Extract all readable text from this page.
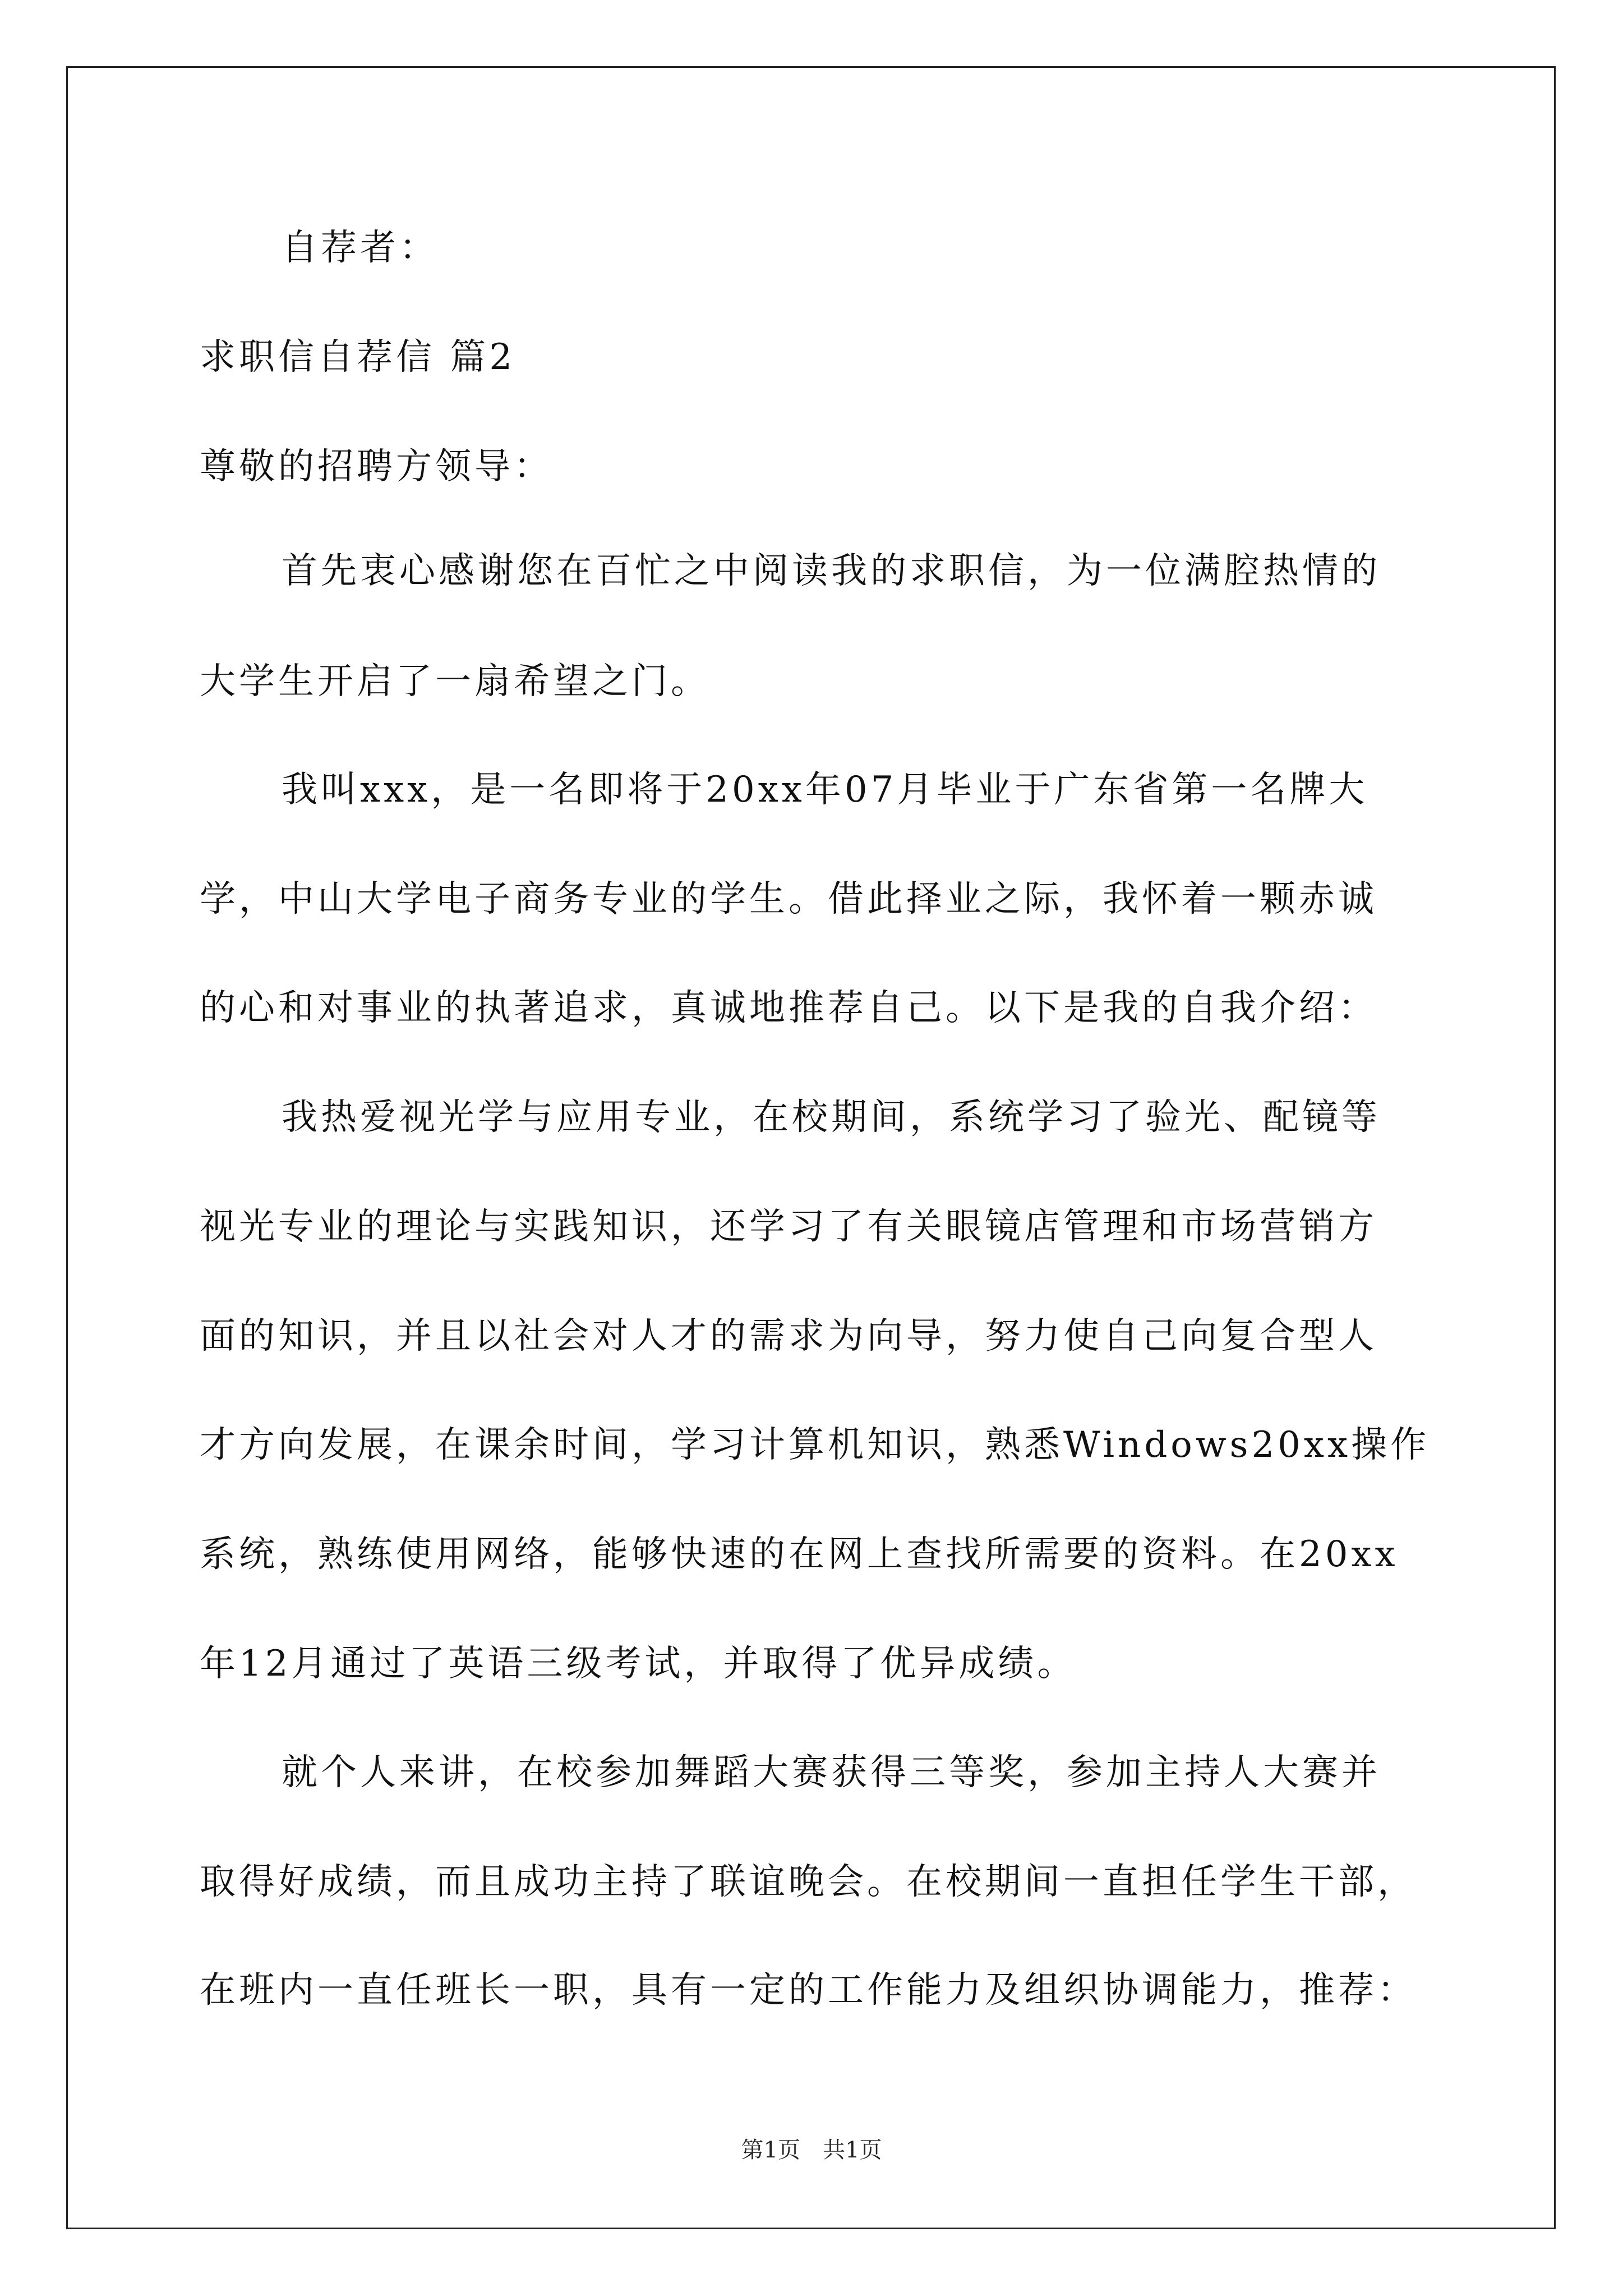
自荐者：
求职信自荐信 篇2
尊敬的招聘方领导：
首先衷心感谢您在百忙之中阅读我的求职信，为一位满腔热情的
大学生开启了一扇希望之门。
我叫xxx，是一名即将于20xx年07月毕业于广东省第一名牌大
学，中山大学电子商务专业的学生。借此择业之际，我怀着一颗赤诚
的心和对事业的执著追求，真诚地推荐自己。以下是我的自我介绍：
我热爱视光学与应用专业，在校期间，系统学习了验光、配镜等
视光专业的理论与实践知识，还学习了有关眼镜店管理和市场营销方
面的知识，并且以社会对人才的需求为向导，努力使自己向复合型人
才方向发展，在课余时间，学习计算机知识，熟悉Windows20xx操作
系统，熟练使用网络，能够快速的在网上查找所需要的资料。在20xx
年12月通过了英语三级考试，并取得了优异成绩。
就个人来讲，在校参加舞蹈大赛获得三等奖，参加主持人大赛并
取得好成绩，而且成功主持了联谊晚会。在校期间一直担任学生干部，
在班内一直任班长一职，具有一定的工作能力及组织协调能力，推荐：
第1页　共1页
